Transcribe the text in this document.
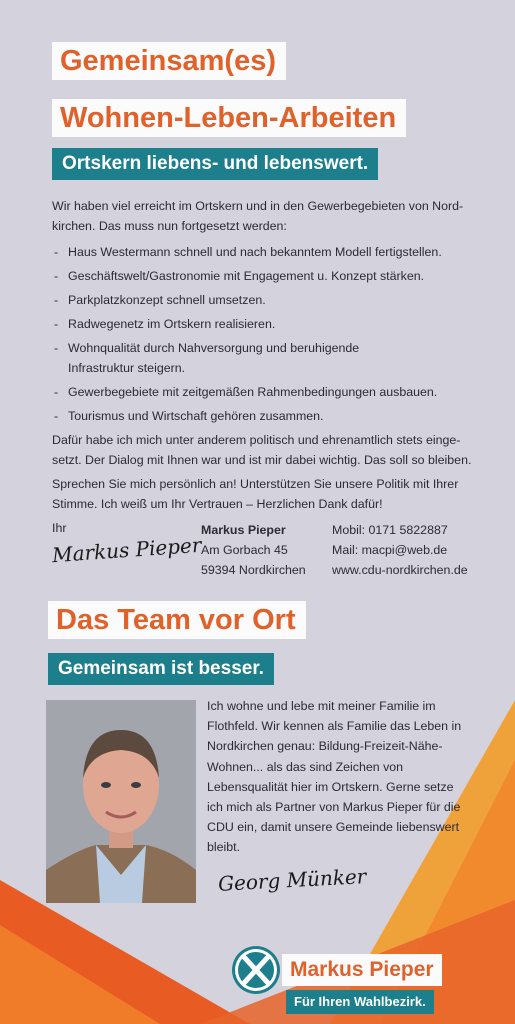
Gemeinsam(es)
Wohnen-Leben-Arbeiten
Ortskern liebens- und lebenswert.
Wir haben viel erreicht im Ortskern und in den Gewerbegebieten von Nord-kirchen. Das muss nun fortgesetzt werden:
- Haus Westermann schnell und nach bekanntem Modell fertigstellen.
- Geschäftswelt/Gastronomie mit Engagement u. Konzept stärken.
- Parkplatzkonzept schnell umsetzen.
- Radwegenetz im Ortskern realisieren.
- Wohnqualität durch Nahversorgung und beruhigende Infrastruktur steigern.
- Gewerbegebiete mit zeitgemäßen Rahmenbedingungen ausbauen.
- Tourismus und Wirtschaft gehören zusammen.
Dafür habe ich mich unter anderem politisch und ehrenamtlich stets einge-setzt. Der Dialog mit Ihnen war und ist mir dabei wichtig. Das soll so bleiben.
Sprechen Sie mich persönlich an! Unterstützen Sie unsere Politik mit Ihrer Stimme. Ich weiß um Ihr Vertrauen – Herzlichen Dank dafür!
Ihr
Markus Pieper
Markus Pieper
Am Gorbach 45
59394 Nordkirchen
Mobil: 0171 5822887
Mail: macpi@web.de
www.cdu-nordkirchen.de
Das Team vor Ort
Gemeinsam ist besser.
Ich wohne und lebe mit meiner Familie im Flothfeld. Wir kennen als Familie das Leben in Nordkirchen genau: Bildung-Freizeit-Nähe-Wohnen... als das sind Zeichen von Lebensqualität hier im Ortskern. Gerne setze ich mich als Partner von Markus Pieper für die CDU ein, damit unsere Gemeinde liebenswert bleibt.
Georg Münker
Markus Pieper
Für Ihren Wahlbezirk.
